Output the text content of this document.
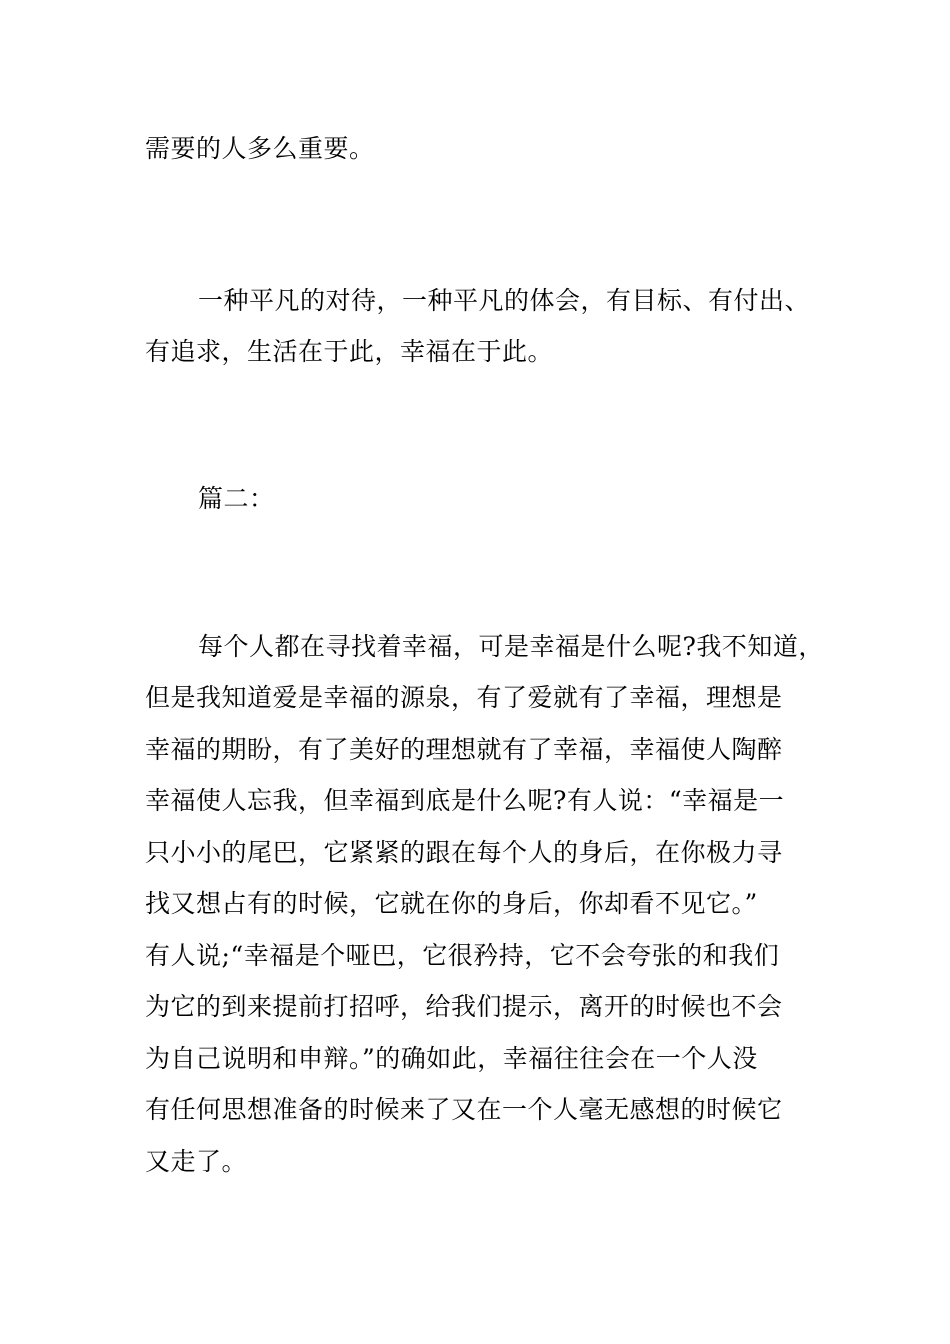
需要的人多么重要。
一种平凡的对待，一种平凡的体会，有目标、有付出、
有追求，生活在于此，幸福在于此。
篇二：
每个人都在寻找着幸福，可是幸福是什么呢?我不知道，
但是我知道爱是幸福的源泉，有了爱就有了幸福，理想是
幸福的期盼，有了美好的理想就有了幸福，幸福使人陶醉
幸福使人忘我，但幸福到底是什么呢?有人说：“幸福是一
只小小的尾巴，它紧紧的跟在每个人的身后，在你极力寻
找又想占有的时候，它就在你的身后，你却看不见它。”
有人说;“幸福是个哑巴，它很矜持，它不会夸张的和我们
为它的到来提前打招呼，给我们提示，离开的时候也不会
为自己说明和申辩。”的确如此，幸福往往会在一个人没
有任何思想准备的时候来了又在一个人毫无感想的时候它
又走了。
